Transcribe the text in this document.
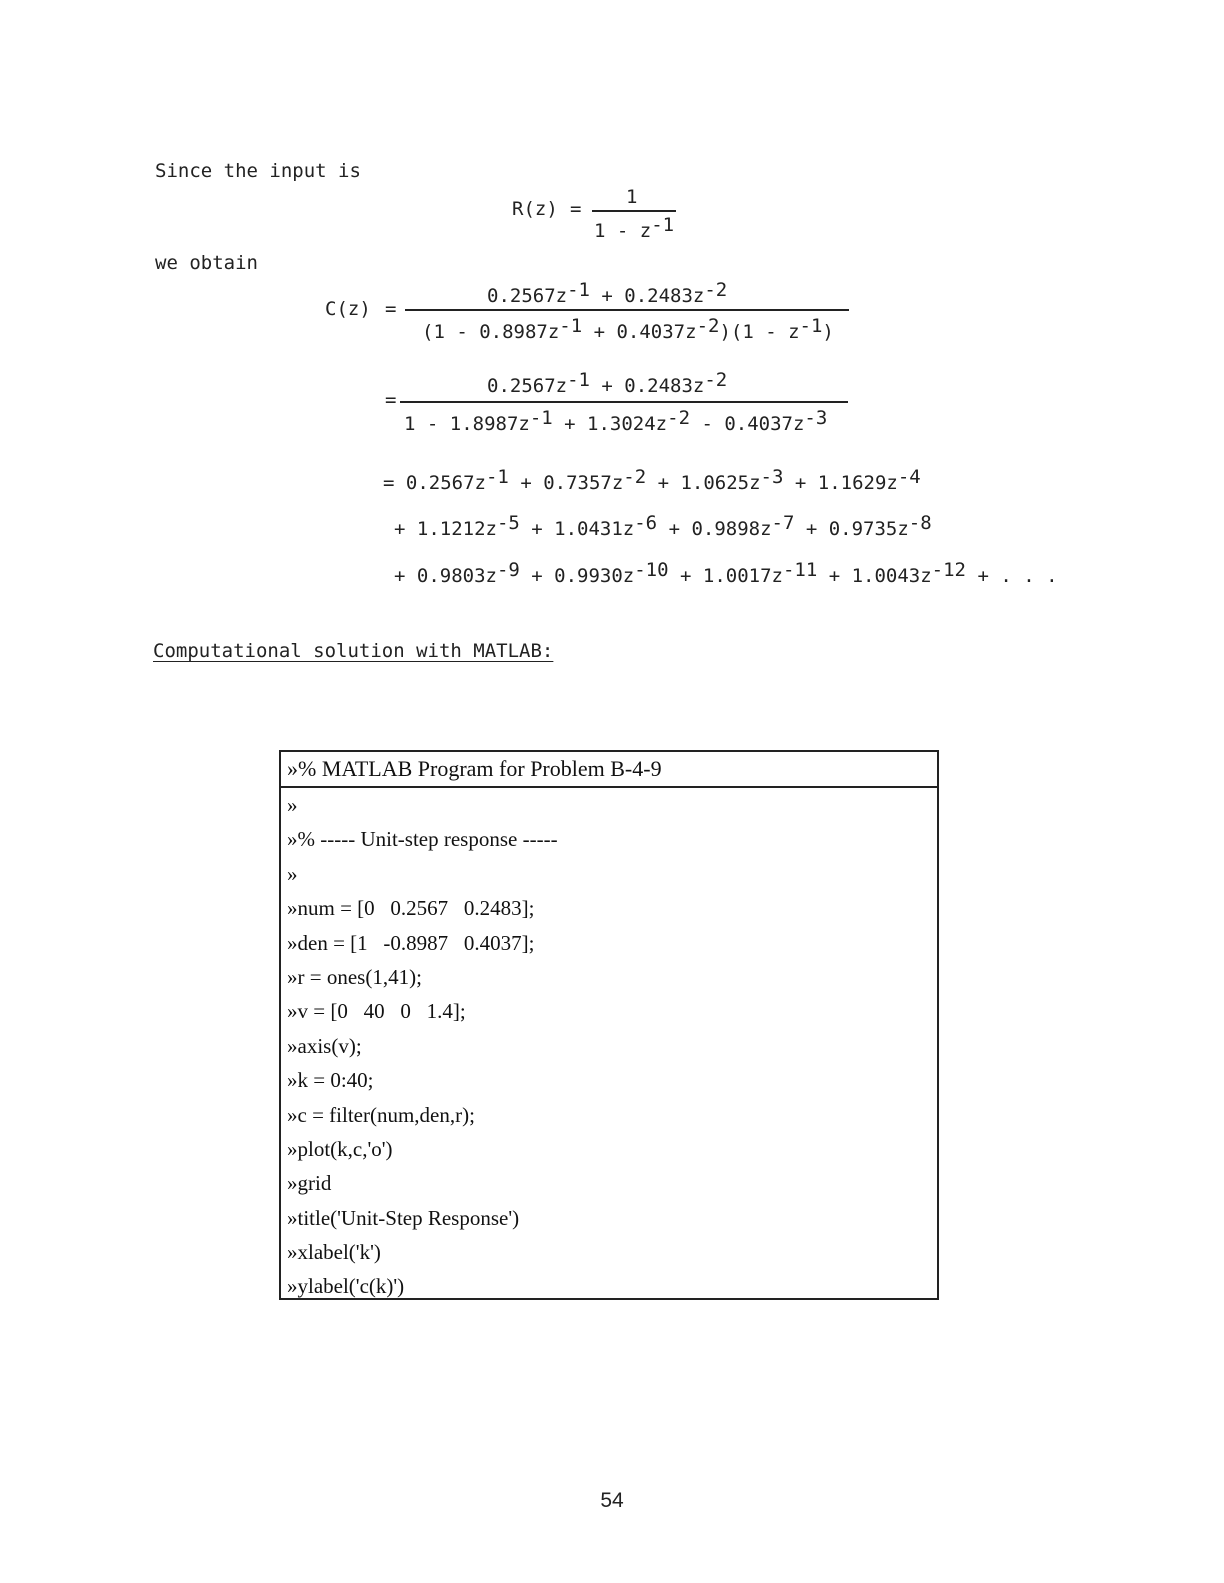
Since the input is
R(z) =
1
$1 - z^{-1}$
we obtain
C(z) =
$0.2567z^{-1} + 0.2483z^{-2}$
$(1 - 0.8987z^{-1} + 0.4037z^{-2})(1 - z^{-1})$
=
$0.2567z^{-1} + 0.2483z^{-2}$
$1 - 1.8987z^{-1} + 1.3024z^{-2} - 0.4037z^{-3}$
= $0.2567z^{-1} + 0.7357z^{-2} + 1.0625z^{-3} + 1.1629z^{-4}$
+ $1.1212z^{-5} + 1.0431z^{-6} + 0.9898z^{-7} + 0.9735z^{-8}$
+ $0.9803z^{-9} + 0.9930z^{-10} + 1.0017z^{-11} + 1.0043z^{-12}$ + . . .
Computational solution with MATLAB:
»% MATLAB Program for Problem B-4-9
»
»% ----- Unit-step response -----
»
»num = [0   0.2567   0.2483];
»den = [1   -0.8987   0.4037];
»r = ones(1,41);
»v = [0   40   0   1.4];
»axis(v);
»k = 0:40;
»c = filter(num,den,r);
»plot(k,c,'o')
»grid
»title('Unit-Step Response')
»xlabel('k')
»ylabel('c(k)')
54
